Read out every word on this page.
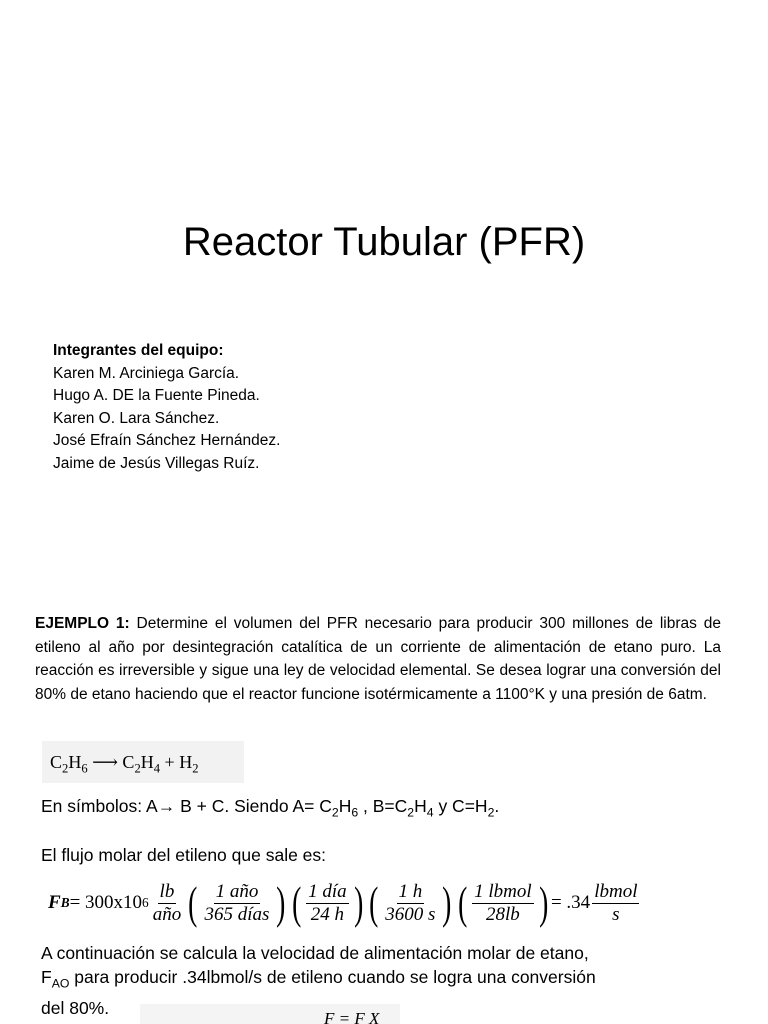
Reactor Tubular (PFR)
Integrantes del equipo:
Karen M. Arciniega García.
Hugo A. DE la Fuente Pineda.
Karen O. Lara Sánchez.
José Efraín Sánchez Hernández.
Jaime de Jesús Villegas Ruíz.
EJEMPLO 1: Determine el volumen del PFR necesario para producir 300 millones de libras de etileno al año por desintegración catalítica de un corriente de alimentación de etano puro. La reacción es irreversible y sigue una ley de velocidad elemental. Se desea lograr una conversión del 80% de etano haciendo que el reactor funcione isotérmicamente a 1100°K y una presión de 6atm.
$C_2H_6$ ⟶ $C_2H_4 + H_2$
En símbolos: A→ B + C. Siendo $A= C_2H_6$ , $B=C_2H_4$ y $C=H_2$.
El flujo molar del etileno que sale es:
F B = 300x10 $6 \frac{lb}{\text{año}}$ ( $\frac{\text{1 año}}{\text{365 días}}$ ) ( $\frac{\text{1 día}}{24 h}$ ) ( $\frac{1 h}{3600 s}$ ) ( $\frac{\text{1 lbmol}}{28lb}$ ) = $.34 \frac{\text{lbmol}}{s}$
A continuación se calcula la velocidad de alimentación molar de etano,
$F_{AO}$ para producir .34lbmol/s de etileno cuando se logra una conversión
del 80%.
F = F X
